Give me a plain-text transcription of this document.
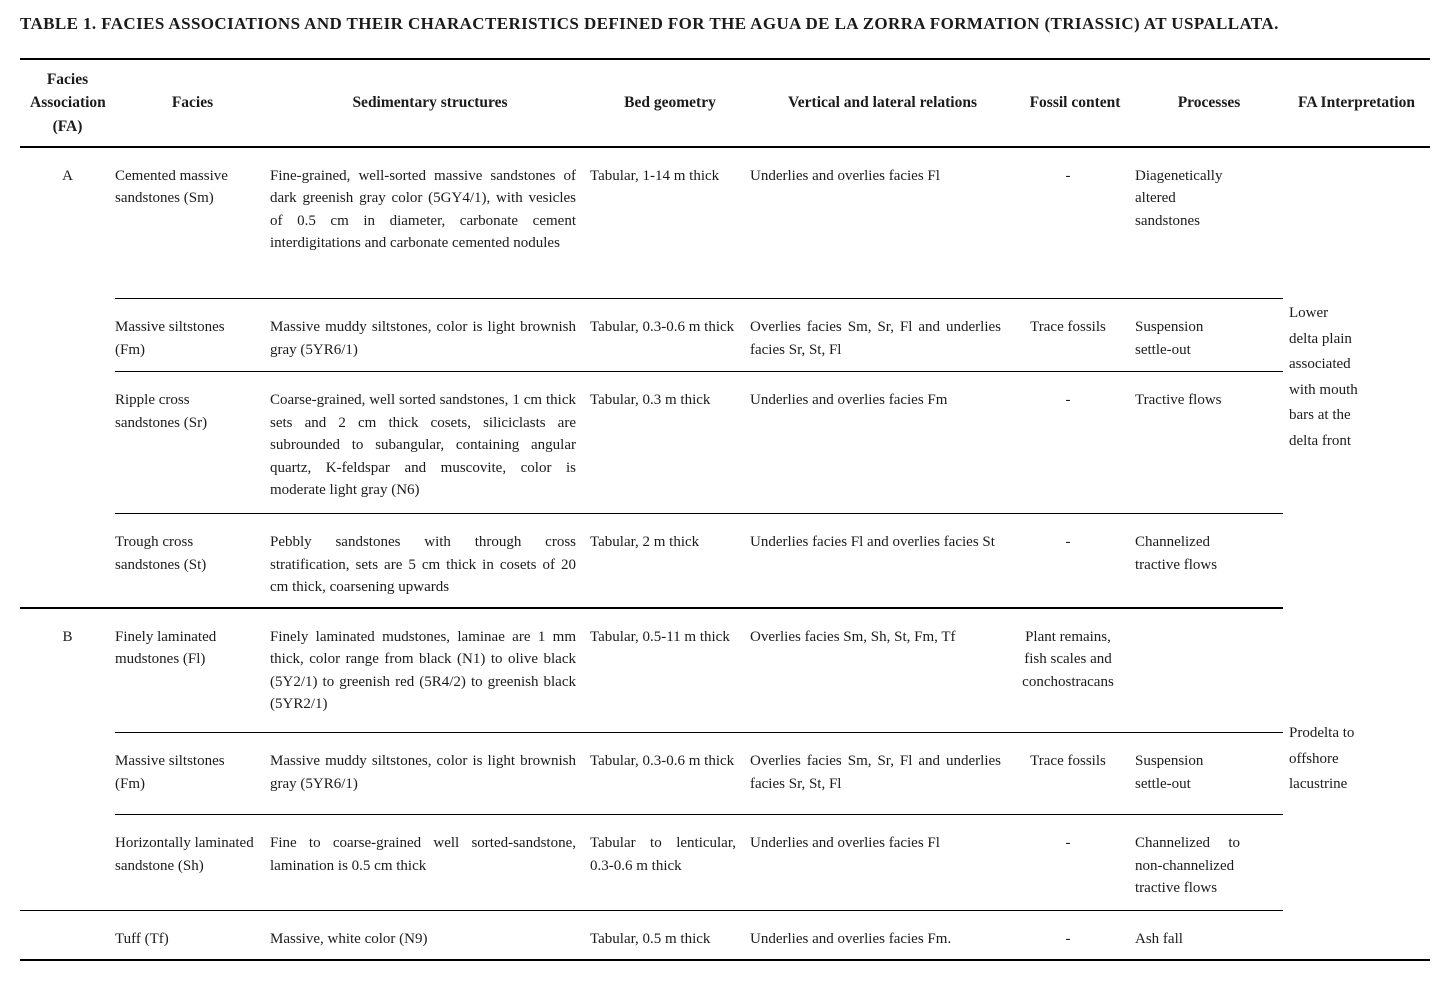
TABLE 1. FACIES ASSOCIATIONS AND THEIR CHARACTERISTICS DEFINED FOR THE AGUA DE LA ZORRA FORMATION (TRIASSIC) AT USPALLATA.

Facies Association (FA)	Facies	Sedimentary structures	Bed geometry	Vertical and lateral relations	Fossil content	Processes	FA Interpretation
A	Cemented massive sandstones (Sm)	Fine-grained, well-sorted massive sandstones of dark greenish gray color (5GY4/1), with vesicles of 0.5 cm in diameter, carbonate cement interdigitations and carbonate cemented nodules	Tabular, 1-14 m thick	Underlies and overlies facies Fl	-	Diagenetically altered sandstones	Lower delta plain associated with mouth bars at the delta front
	Massive siltstones (Fm)	Massive muddy siltstones, color is light brownish gray (5YR6/1)	Tabular, 0.3-0.6 m thick	Overlies facies Sm, Sr, Fl and underlies facies Sr, St, Fl	Trace fossils	Suspension settle-out	
	Ripple cross sandstones (Sr)	Coarse-grained, well sorted sandstones, 1 cm thick sets and 2 cm thick cosets, siliciclasts are subrounded to subangular, containing angular quartz, K-feldspar and muscovite, color is moderate light gray (N6)	Tabular, 0.3 m thick	Underlies and overlies facies Fm	-	Tractive flows	
	Trough cross sandstones (St)	Pebbly sandstones with through cross stratification, sets are 5 cm thick in cosets of 20 cm thick, coarsening upwards	Tabular, 2 m thick	Underlies facies Fl and overlies facies St	-	Channelized tractive flows	
B	Finely laminated mudstones (Fl)	Finely laminated mudstones, laminae are 1 mm thick, color range from black (N1) to olive black (5Y2/1) to greenish red (5R4/2) to greenish black (5YR2/1)	Tabular, 0.5-11 m thick	Overlies facies Sm, Sh, St, Fm, Tf	Plant remains, fish scales and conchostracans		Prodelta to offshore lacustrine
	Massive siltstones (Fm)	Massive muddy siltstones, color is light brownish gray (5YR6/1)	Tabular, 0.3-0.6 m thick	Overlies facies Sm, Sr, Fl and underlies facies Sr, St, Fl	Trace fossils	Suspension settle-out	
	Horizontally laminated sandstone (Sh)	Fine to coarse-grained well sorted-sandstone, lamination is 0.5 cm thick	Tabular to lenticular, 0.3-0.6 m thick	Underlies and overlies facies Fl	-	Channelized to non-channelized tractive flows	
	Tuff (Tf)	Massive, white color (N9)	Tabular, 0.5 m thick	Underlies and overlies facies Fm.	-	Ash fall	
